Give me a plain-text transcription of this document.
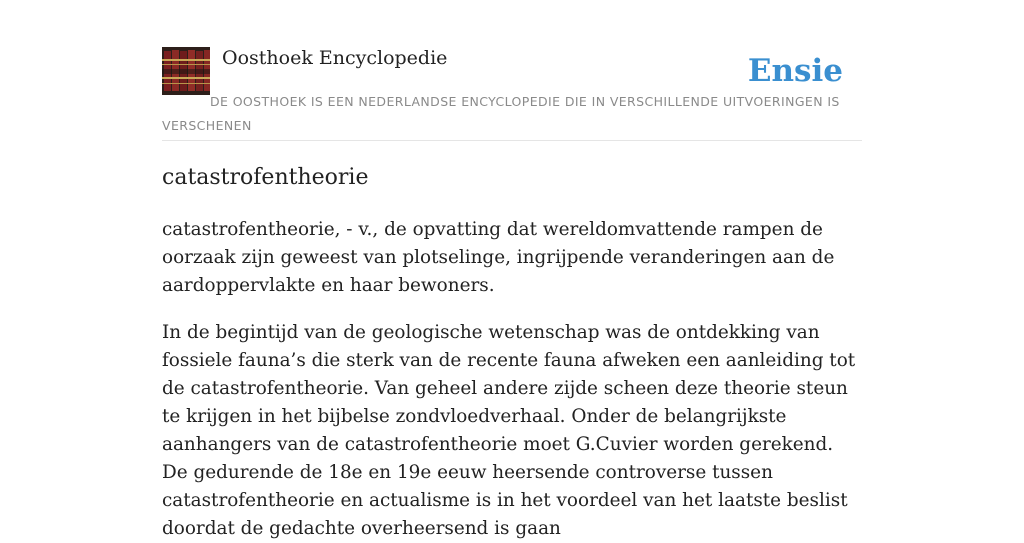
Oosthoek Encyclopedie	Ensie
DE OOSTHOEK IS EEN NEDERLANDSE ENCYCLOPEDIE DIE IN VERSCHILLENDE UITVOERINGEN IS VERSCHENEN
catastrofentheorie

catastrofentheorie, - v., de opvatting dat wereldomvattende rampen de oorzaak zijn geweest van plotselinge, ingrijpende veranderingen aan de aardoppervlakte en haar bewoners.

In de begintijd van de geologische wetenschap was de ontdekking van fossiele fauna’s die sterk van de recente fauna afweken een aanleiding tot de catastrofentheorie. Van geheel andere zijde scheen deze theorie steun te krijgen in het bijbelse zondvloedverhaal. Onder de belangrijkste aanhangers van de catastrofentheorie moet G.Cuvier worden gerekend. De gedurende de 18e en 19e eeuw heersende controverse tussen catastrofentheorie en actualisme is in het voordeel van het laatste beslist doordat de gedachte overheersend is gaan
